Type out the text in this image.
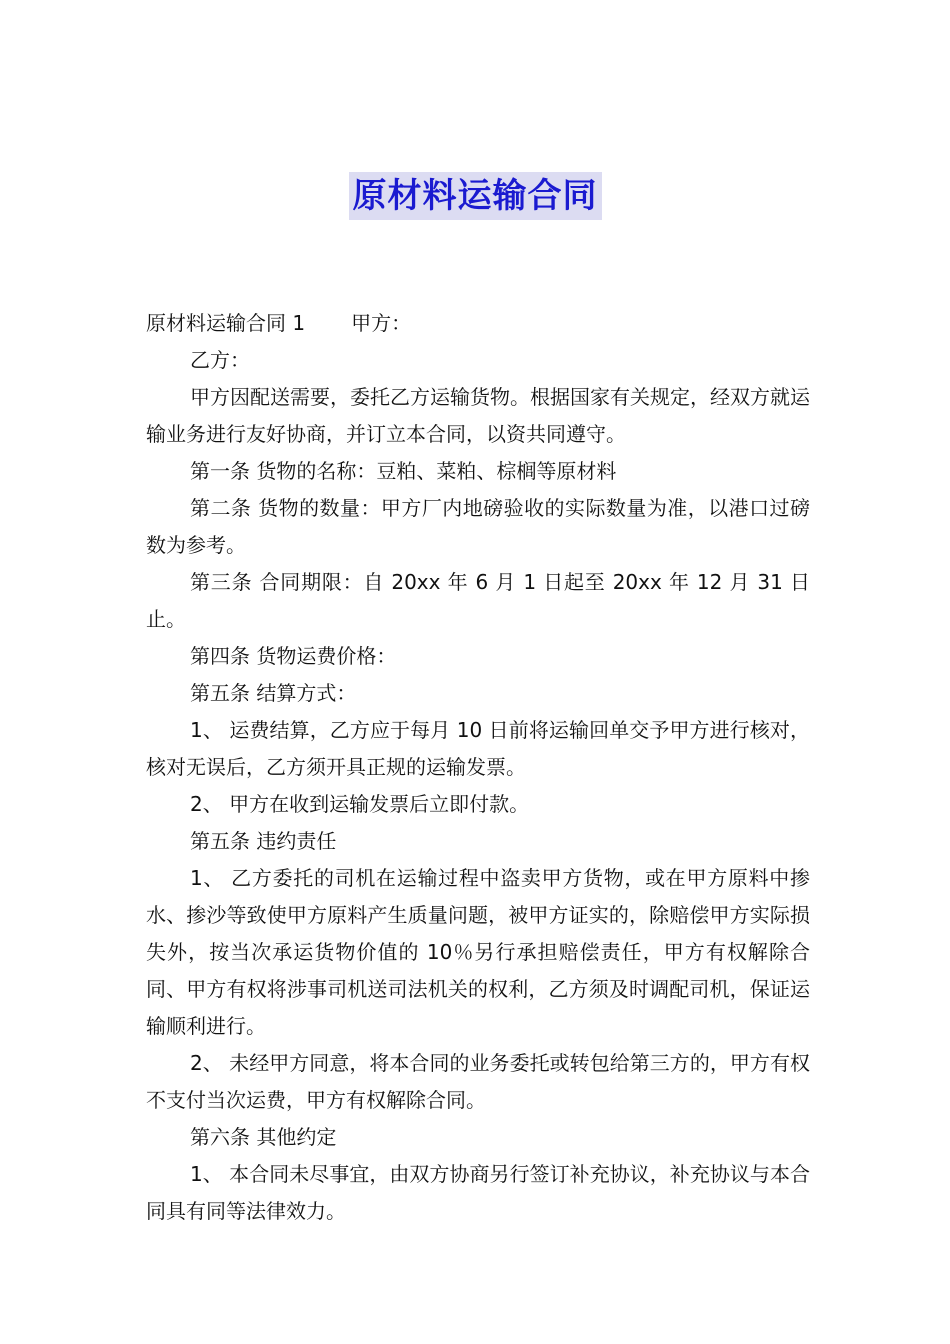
原材料运输合同

原材料运输合同 1 甲方：

乙方：

甲方因配送需要，委托乙方运输货物。根据国家有关规定，经双方就运输业务进行友好协商，并订立本合同，以资共同遵守。

第一条 货物的名称：豆粕、菜粕、棕榈等原材料

第二条 货物的数量：甲方厂内地磅验收的实际数量为准，以港口过磅数为参考。

第三条 合同期限：自 20xx 年 6 月 1 日起至 20xx 年 12 月 31 日止。

第四条 货物运费价格：

第五条 结算方式：

1、 运费结算，乙方应于每月 10 日前将运输回单交予甲方进行核对，核对无误后，乙方须开具正规的运输发票。

2、 甲方在收到运输发票后立即付款。

第五条 违约责任

1、 乙方委托的司机在运输过程中盗卖甲方货物，或在甲方原料中掺水、掺沙等致使甲方原料产生质量问题，被甲方证实的，除赔偿甲方实际损失外，按当次承运货物价值的 10％另行承担赔偿责任，甲方有权解除合同、甲方有权将涉事司机送司法机关的权利，乙方须及时调配司机，保证运输顺利进行。

2、 未经甲方同意，将本合同的业务委托或转包给第三方的，甲方有权不支付当次运费，甲方有权解除合同。

第六条 其他约定

1、 本合同未尽事宜，由双方协商另行签订补充协议，补充协议与本合同具有同等法律效力。
